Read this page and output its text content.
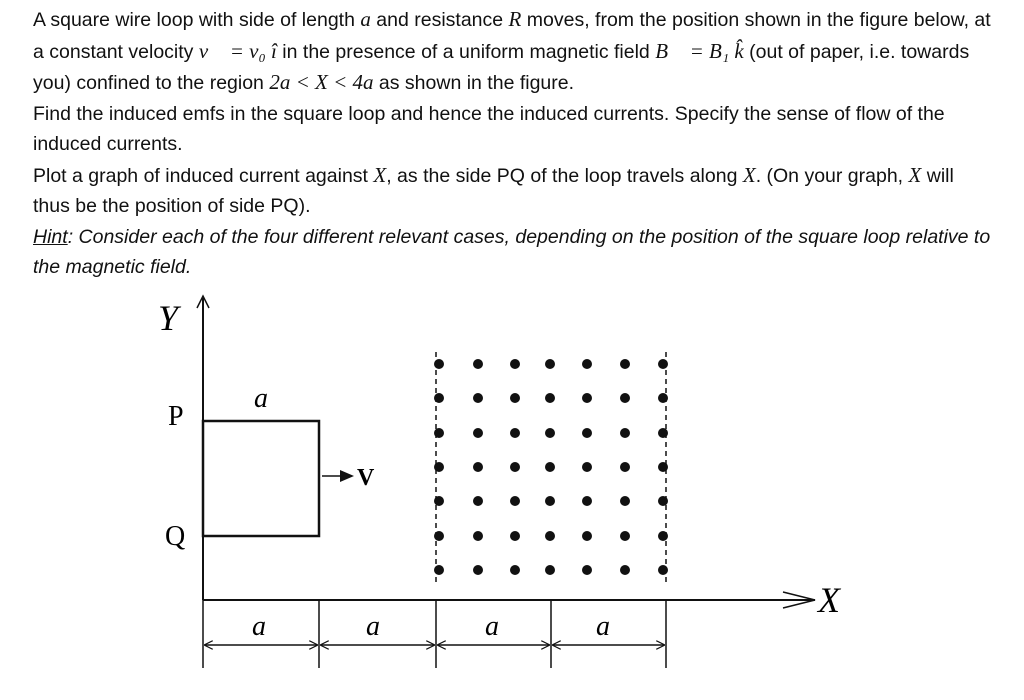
A square wire loop with side of length a and resistance R moves, from the position shown in the figure below, at a constant velocity v⃗ = v₀ î in the presence of a uniform magnetic field B⃗ = B₁ k̂ (out of paper, i.e. towards you) confined to the region 2a < X < 4a as shown in the figure.

Find the induced emfs in the square loop and hence the induced currents. Specify the sense of flow of the induced currents.

Plot a graph of induced current against X, as the side PQ of the loop travels along X. (On your graph, X will thus be the position of side PQ).

Hint: Consider each of the four different relevant cases, depending on the position of the square loop relative to the magnetic field.

Y
X
P
Q
a
V
a	a	a	a
